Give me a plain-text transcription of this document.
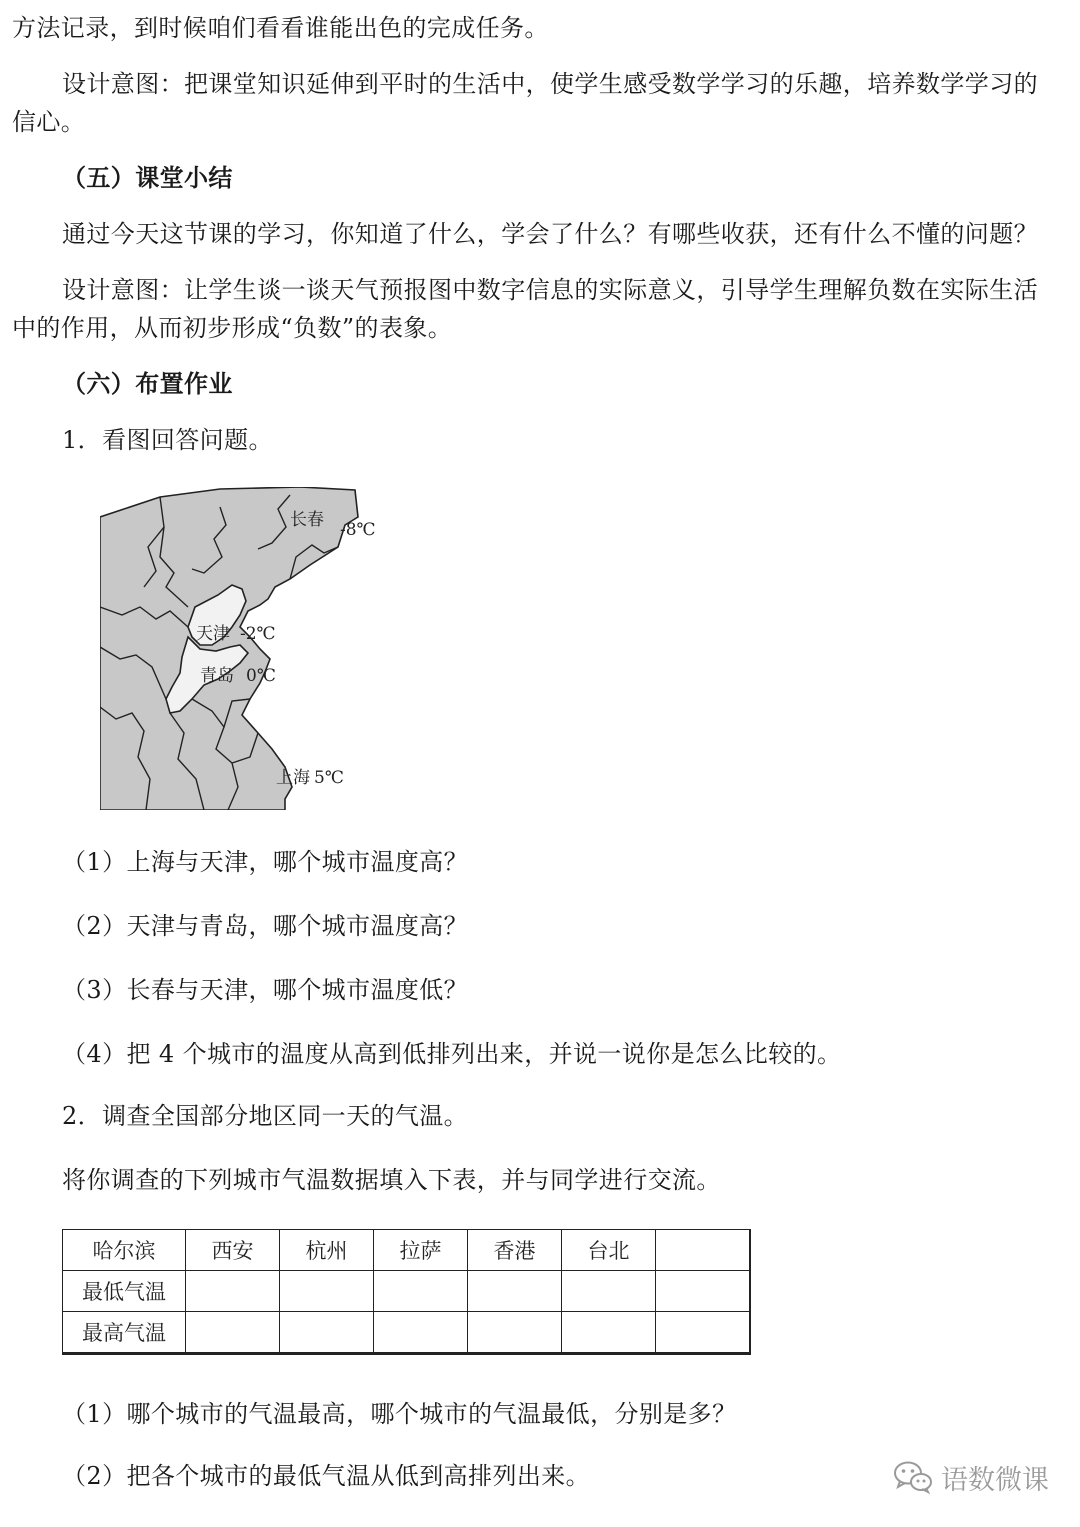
方法记录，到时候咱们看看谁能出色的完成任务。
设计意图：把课堂知识延伸到平时的生活中，使学生感受数学学习的乐趣，培养数学学习的
信心。
（五）课堂小结
通过今天这节课的学习，你知道了什么，学会了什么？有哪些收获，还有什么不懂的问题？
设计意图：让学生谈一谈天气预报图中数字信息的实际意义，引导学生理解负数在实际生活
中的作用，从而初步形成“负数”的表象。
（六）布置作业
1．看图回答问题。
长春 -8℃
天津 -2℃
青岛 0℃
上海 5℃
（1）上海与天津，哪个城市温度高？
（2）天津与青岛，哪个城市温度高？
（3）长春与天津，哪个城市温度低？
（4）把 4 个城市的温度从高到低排列出来，并说一说你是怎么比较的。
2．调查全国部分地区同一天的气温。
将你调查的下列城市气温数据填入下表，并与同学进行交流。
哈尔滨	西安	杭州	拉萨	香港	台北	
最低气温						
最高气温						
（1）哪个城市的气温最高，哪个城市的气温最低，分别是多？
（2）把各个城市的最低气温从低到高排列出来。	语数微课
